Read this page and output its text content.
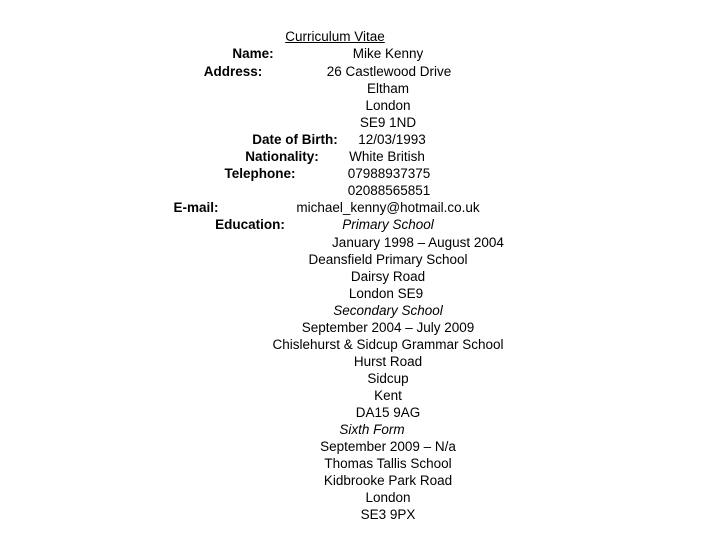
Curriculum Vitae
Name:	Mike Kenny
Address:	26 Castlewood Drive
Eltham
London
SE9 1ND
Date of Birth: 12/03/1993
Nationality: White British
Telephone:	07988937375
02088565851
E-mail:	michael_kenny@hotmail.co.uk
Education:	Primary School
January 1998 – August 2004
Deansfield Primary School
Dairsy Road
London SE9
Secondary School
September 2004 – July 2009
Chislehurst & Sidcup Grammar School
Hurst Road
Sidcup
Kent
DA15 9AG
Sixth Form
September 2009 – N/a
Thomas Tallis School
Kidbrooke Park Road
London
SE3 9PX
